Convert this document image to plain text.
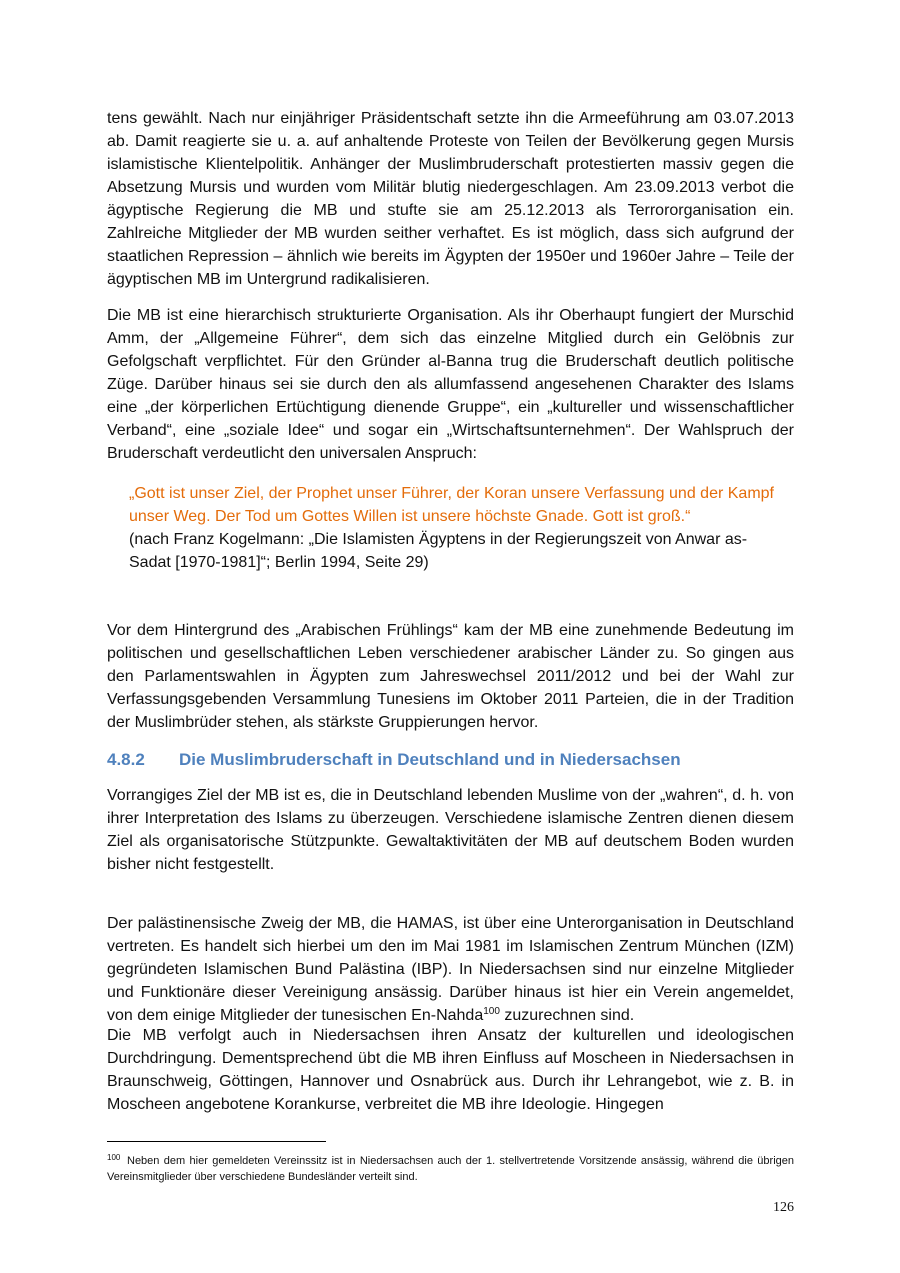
tens gewählt. Nach nur einjähriger Präsidentschaft setzte ihn die Armeeführung am 03.07.2013 ab. Damit reagierte sie u. a. auf anhaltende Proteste von Teilen der Bevölkerung gegen Mursis islamistische Klientelpolitik. Anhänger der Muslimbruderschaft protestierten massiv gegen die Absetzung Mursis und wurden vom Militär blutig niedergeschlagen. Am 23.09.2013 verbot die ägyptische Regierung die MB und stufte sie am 25.12.2013 als Terrororganisation ein. Zahlreiche Mitglieder der MB wurden seither verhaftet. Es ist möglich, dass sich aufgrund der staatlichen Repression – ähnlich wie bereits im Ägypten der 1950er und 1960er Jahre – Teile der ägyptischen MB im Untergrund radikalisieren.

Die MB ist eine hierarchisch strukturierte Organisation. Als ihr Oberhaupt fungiert der Murschid Amm, der „Allgemeine Führer“, dem sich das einzelne Mitglied durch ein Gelöbnis zur Gefolgschaft verpflichtet. Für den Gründer al-Banna trug die Bruderschaft deutlich politische Züge. Darüber hinaus sei sie durch den als allumfassend angesehenen Charakter des Islams eine „der körperlichen Ertüchtigung dienende Gruppe“, ein „kultureller und wissenschaftlicher Verband“, eine „soziale Idee“ und sogar ein „Wirtschaftsunternehmen“. Der Wahlspruch der Bruderschaft verdeutlicht den universalen Anspruch:

„Gott ist unser Ziel, der Prophet unser Führer, der Koran unsere Verfassung und der Kampf unser Weg. Der Tod um Gottes Willen ist unsere höchste Gnade. Gott ist groß.“

(nach Franz Kogelmann: „Die Islamisten Ägyptens in der Regierungszeit von Anwar as-Sadat [1970-1981]“; Berlin 1994, Seite 29)

Vor dem Hintergrund des „Arabischen Frühlings“ kam der MB eine zunehmende Bedeutung im politischen und gesellschaftlichen Leben verschiedener arabischer Länder zu. So gingen aus den Parlamentswahlen in Ägypten zum Jahreswechsel 2011/2012 und bei der Wahl zur Verfassungsgebenden Versammlung Tunesiens im Oktober 2011 Parteien, die in der Tradition der Muslimbrüder stehen, als stärkste Gruppierungen hervor.

4.8.2 Die Muslimbruderschaft in Deutschland und in Niedersachsen

Vorrangiges Ziel der MB ist es, die in Deutschland lebenden Muslime von der „wahren“, d. h. von ihrer Interpretation des Islams zu überzeugen. Verschiedene islamische Zentren dienen diesem Ziel als organisatorische Stützpunkte. Gewaltaktivitäten der MB auf deutschem Boden wurden bisher nicht festgestellt.

Der palästinensische Zweig der MB, die HAMAS, ist über eine Unterorganisation in Deutschland vertreten. Es handelt sich hierbei um den im Mai 1981 im Islamischen Zentrum München (IZM) gegründeten Islamischen Bund Palästina (IBP). In Niedersachsen sind nur einzelne Mitglieder und Funktionäre dieser Vereinigung ansässig. Darüber hinaus ist hier ein Verein angemeldet, von dem einige Mitglieder der tunesischen En-Nahda$^{100}$ zuzurechnen sind.

Die MB verfolgt auch in Niedersachsen ihren Ansatz der kulturellen und ideologischen Durchdringung. Dementsprechend übt die MB ihren Einfluss auf Moscheen in Niedersachsen in Braunschweig, Göttingen, Hannover und Osnabrück aus. Durch ihr Lehrangebot, wie z. B. in Moscheen angebotene Korankurse, verbreitet die MB ihre Ideologie. Hingegen

100 Neben dem hier gemeldeten Vereinssitz ist in Niedersachsen auch der 1. stellvertretende Vorsitzende ansässig, während die übrigen Vereinsmitglieder über verschiedene Bundesländer verteilt sind.

126
